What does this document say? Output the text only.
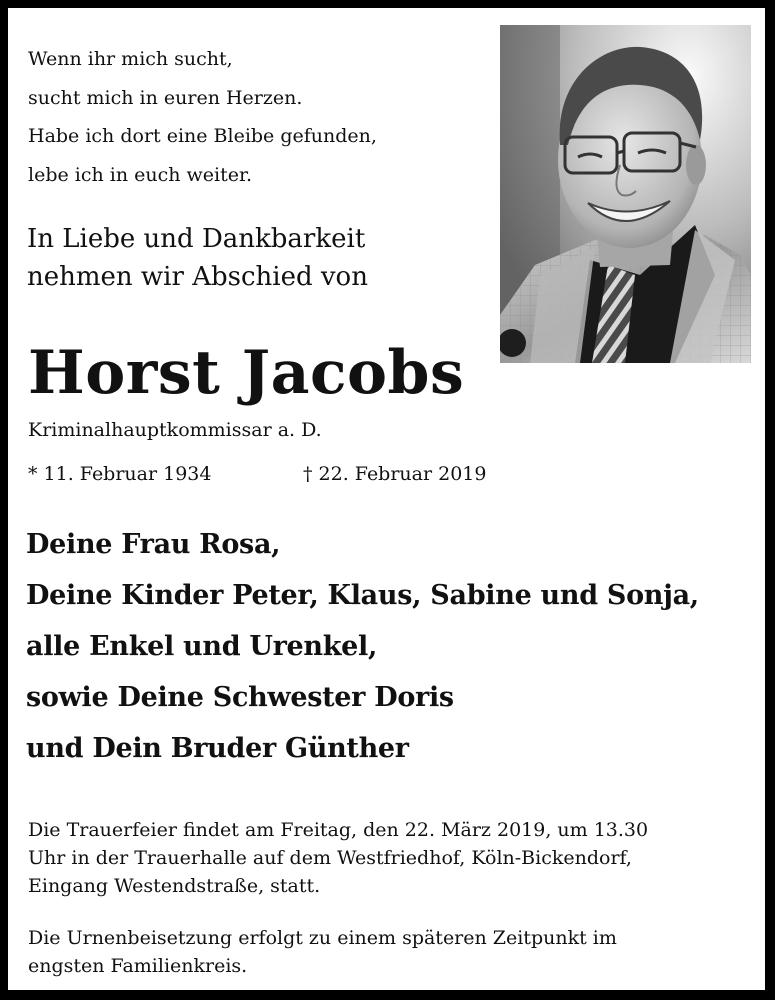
Wenn ihr mich sucht,
sucht mich in euren Herzen.
Habe ich dort eine Bleibe gefunden,
lebe ich in euch weiter.
In Liebe und Dankbarkeit
nehmen wir Abschied von
Horst Jacobs
Kriminalhauptkommissar a. D.
* 11. Februar 1934	† 22. Februar 2019
Deine Frau Rosa,
Deine Kinder Peter, Klaus, Sabine und Sonja,
alle Enkel und Urenkel,
sowie Deine Schwester Doris
und Dein Bruder Günther
Die Trauerfeier findet am Freitag, den 22. März 2019, um 13.30
Uhr in der Trauerhalle auf dem Westfriedhof, Köln-Bickendorf,
Eingang Westendstraße, statt.
Die Urnenbeisetzung erfolgt zu einem späteren Zeitpunkt im
engsten Familienkreis.
